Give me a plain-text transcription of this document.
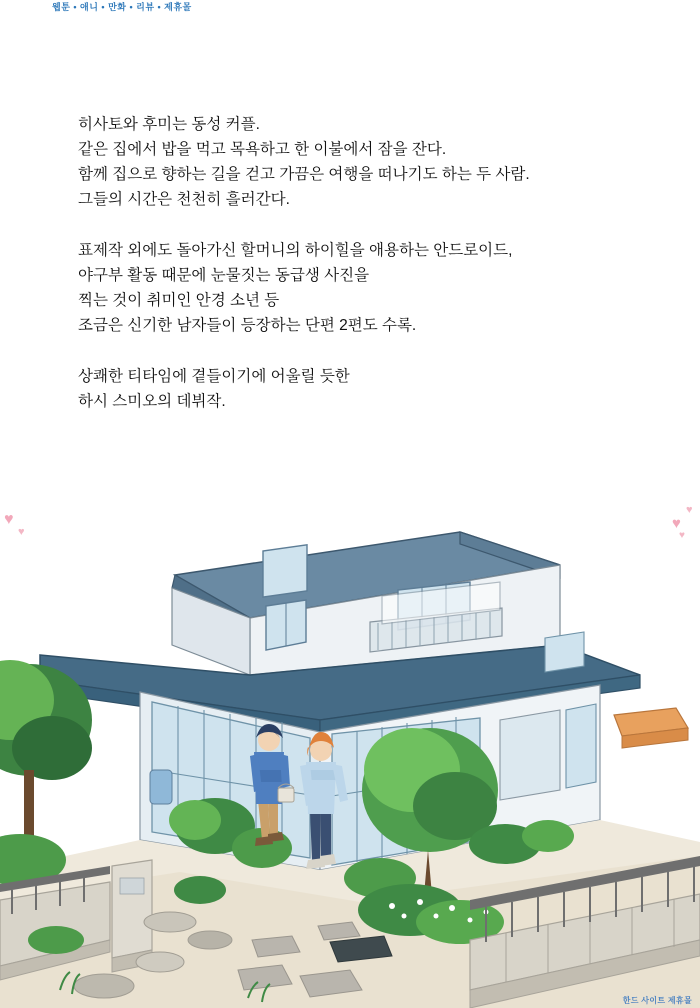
웹툰 • 애니 • 만화 • 리뷰 • 제휴몰
히사토와 후미는 동성 커플.
같은 집에서 밥을 먹고 목욕하고 한 이불에서 잠을 잔다.
함께 집으로 향하는 길을 걷고 가끔은 여행을 떠나기도 하는 두 사람.
그들의 시간은 천천히 흘러간다.
표제작 외에도 돌아가신 할머니의 하이힐을 애용하는 안드로이드,
야구부 활동 때문에 눈물짓는 동급생 사진을
찍는 것이 취미인 안경 소년 등
조금은 신기한 남자들이 등장하는 단편 2편도 수록.
상쾌한 티타임에 곁들이기에 어울릴 듯한
하시 스미오의 데뷔작.
♥
♥	♥
♥
♥
한드 사이트 제휴몰
